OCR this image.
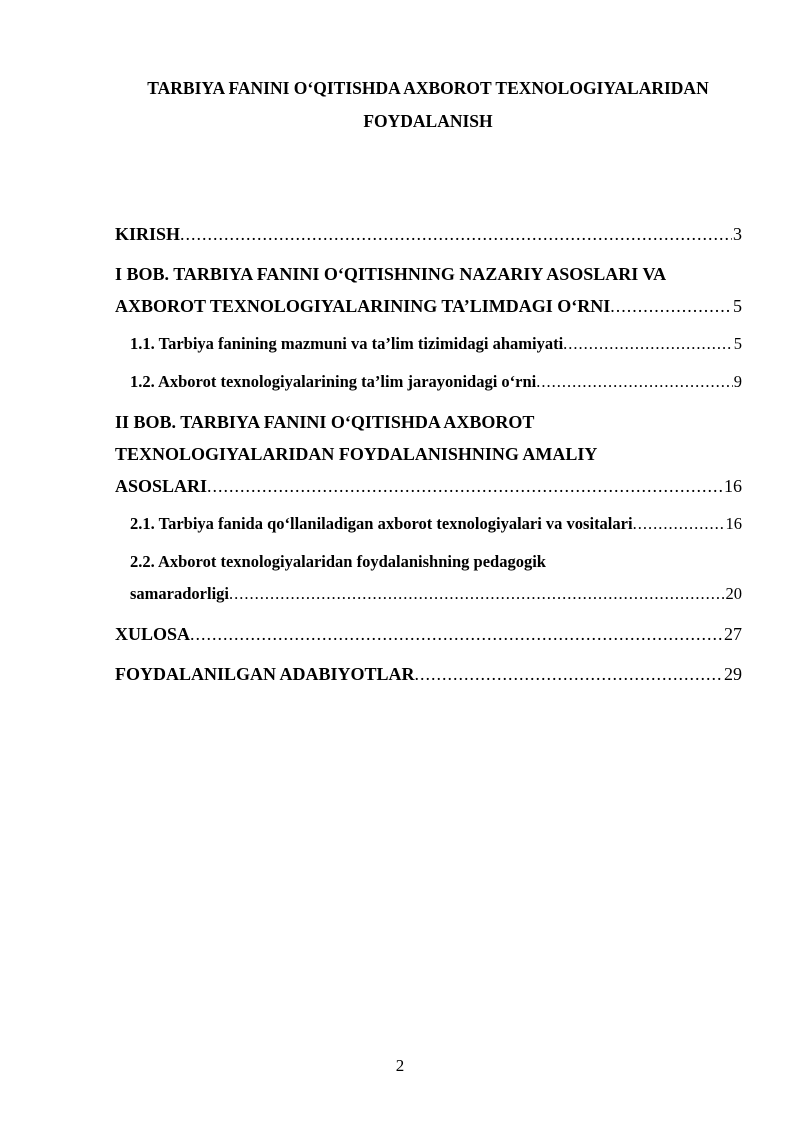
TARBIYA FANINI O‘QITISHDA AXBOROT TEXNOLOGIYALARIDAN
FOYDALANISH
KIRISH .....	3
I BOB. TARBIYA FANINI O‘QITISHNING NAZARIY ASOSLARI VA
AXBOROT TEXNOLOGIYALARINING TA’LIMDAGI O‘RNI .....	5
1.1. Tarbiya fanining mazmuni va ta’lim tizimidagi ahamiyati .....	5
1.2. Axborot texnologiyalarining ta’lim jarayonidagi o‘rni .....	9
II BOB. TARBIYA FANINI O‘QITISHDA AXBOROT
TEXNOLOGIYALARIDAN FOYDALANISHNING AMALIY
ASOSLARI .....	16
2.1. Tarbiya fanida qo‘llaniladigan axborot texnologiyalari va vositalari .....	16
2.2. Axborot texnologiyalaridan foydalanishning pedagogik
samaradorligi .....	20
XULOSA .....	27
FOYDALANILGAN ADABIYOTLAR .....	29
2
